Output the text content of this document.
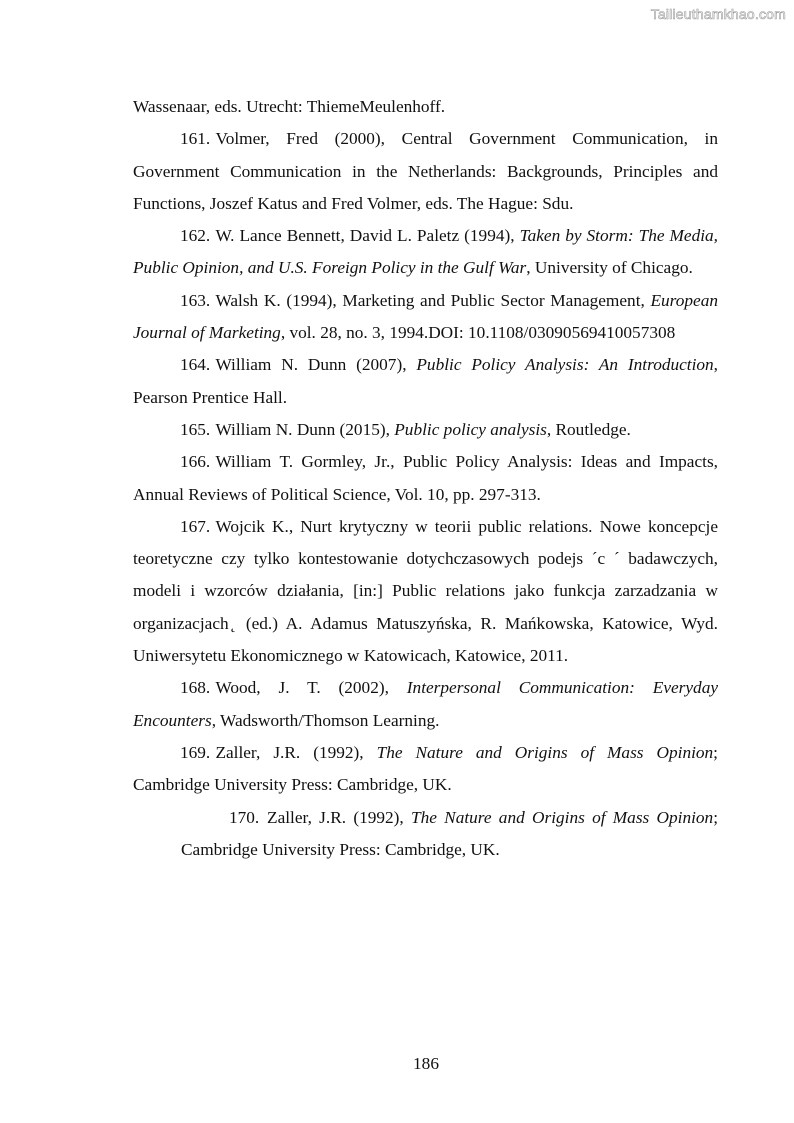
Tailieuthamkhao.com

Wassenaar, eds. Utrecht: ThiemeMeulenhoff.

161. Volmer, Fred (2000), Central Government Communication, in Government Communication in the Netherlands: Backgrounds, Principles and Functions, Joszef Katus and Fred Volmer, eds. The Hague: Sdu.

162. W. Lance Bennett, David L. Paletz (1994), Taken by Storm: The Media, Public Opinion, and U.S. Foreign Policy in the Gulf War, University of Chicago.

163. Walsh K. (1994), Marketing and Public Sector Management, European Journal of Marketing, vol. 28, no. 3, 1994.DOI: 10.1108/03090569410057308

164. William N. Dunn (2007), Public Policy Analysis: An Introduction, Pearson Prentice Hall.

165. William N. Dunn (2015), Public policy analysis, Routledge.

166. William T. Gormley, Jr., Public Policy Analysis: Ideas and Impacts, Annual Reviews of Political Science, Vol. 10, pp. 297-313.

167. Wojcik K., Nurt krytyczny w teorii public relations. Nowe koncepcje teoretyczne czy tylko kontestowanie dotychczasowych podejs ´c ´ badawczych, modeli i wzorców działania, [in:] Public relations jako funkcja zarzadzania w organizacjach ̨ (ed.) A. Adamus Matuszyńska, R. Mańkowska, Katowice, Wyd. Uniwersytetu Ekonomicznego w Katowicach, Katowice, 2011.

168. Wood, J. T. (2002), Interpersonal Communication: Everyday Encounters, Wadsworth/Thomson Learning.

169. Zaller, J.R. (1992), The Nature and Origins of Mass Opinion; Cambridge University Press: Cambridge, UK.

170. Zaller, J.R. (1992), The Nature and Origins of Mass Opinion; Cambridge University Press: Cambridge, UK.

186
